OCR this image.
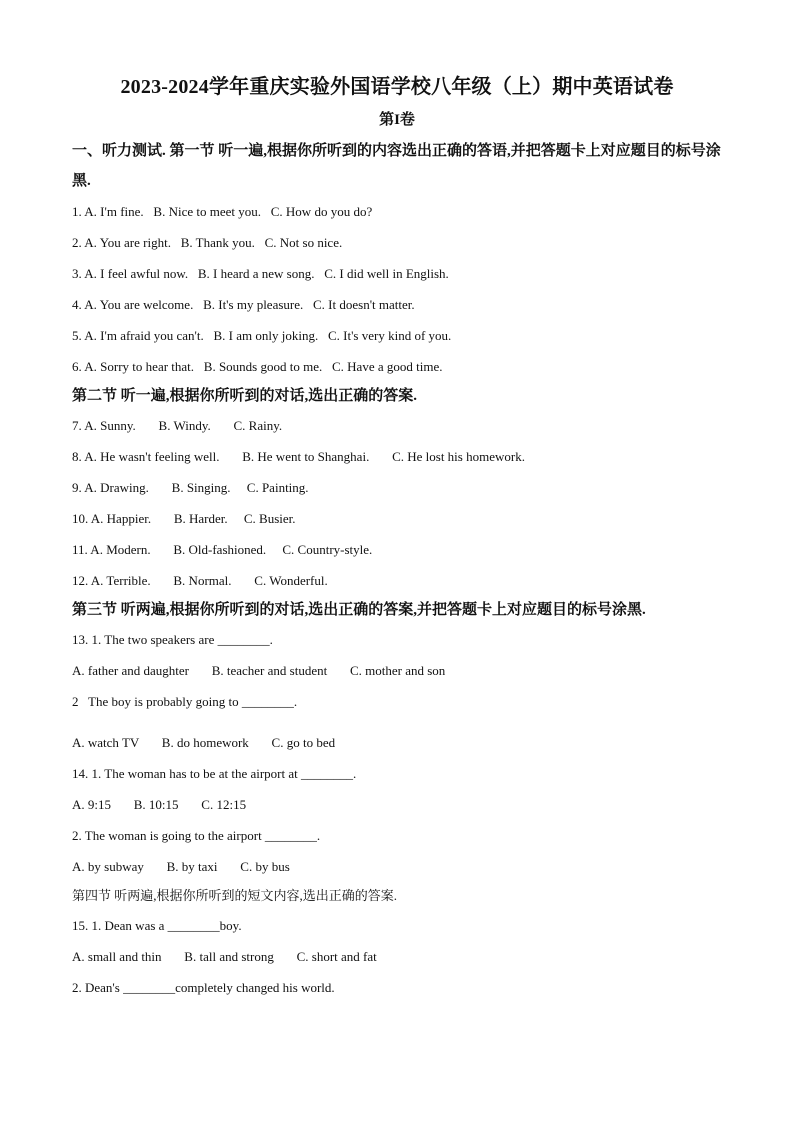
2023-2024学年重庆实验外国语学校八年级（上）期中英语试卷
第I卷
一、听力测试. 第一节 听一遍,根据你所听到的内容选出正确的答语,并把答题卡上对应题目的标号涂黑.
1. A. I'm fine.   B. Nice to meet you.   C. How do you do?
2. A. You are right.   B. Thank you.   C. Not so nice.
3. A. I feel awful now.   B. I heard a new song.   C. I did well in English.
4. A. You are welcome.   B. It's my pleasure.   C. It doesn't matter.
5. A. I'm afraid you can't.   B. I am only joking.   C. It's very kind of you.
6. A. Sorry to hear that.   B. Sounds good to me.   C. Have a good time.
第二节 听一遍,根据你所听到的对话,选出正确的答案.
7. A. Sunny.       B. Windy.       C. Rainy.
8. A. He wasn't feeling well.       B. He went to Shanghai.       C. He lost his homework.
9. A. Drawing.       B. Singing.     C. Painting.
10. A. Happier.       B. Harder.     C. Busier.
11. A. Modern.       B. Old-fashioned.     C. Country-style.
12. A. Terrible.       B. Normal.       C. Wonderful.
第三节 听两遍,根据你所听到的对话,选出正确的答案,并把答题卡上对应题目的标号涂黑.
13. 1. The two speakers are ________.
A. father and daughter       B. teacher and student       C. mother and son
2   The boy is probably going to ________.
A. watch TV       B. do homework       C. go to bed
14. 1. The woman has to be at the airport at ________.
A. 9:15       B. 10:15       C. 12:15
2. The woman is going to the airport ________.
A. by subway       B. by taxi       C. by bus
第四节 听两遍,根据你所听到的短文内容,选出正确的答案.
15. 1. Dean was a ________boy.
A. small and thin       B. tall and strong       C. short and fat
2. Dean's ________completely changed his world.
